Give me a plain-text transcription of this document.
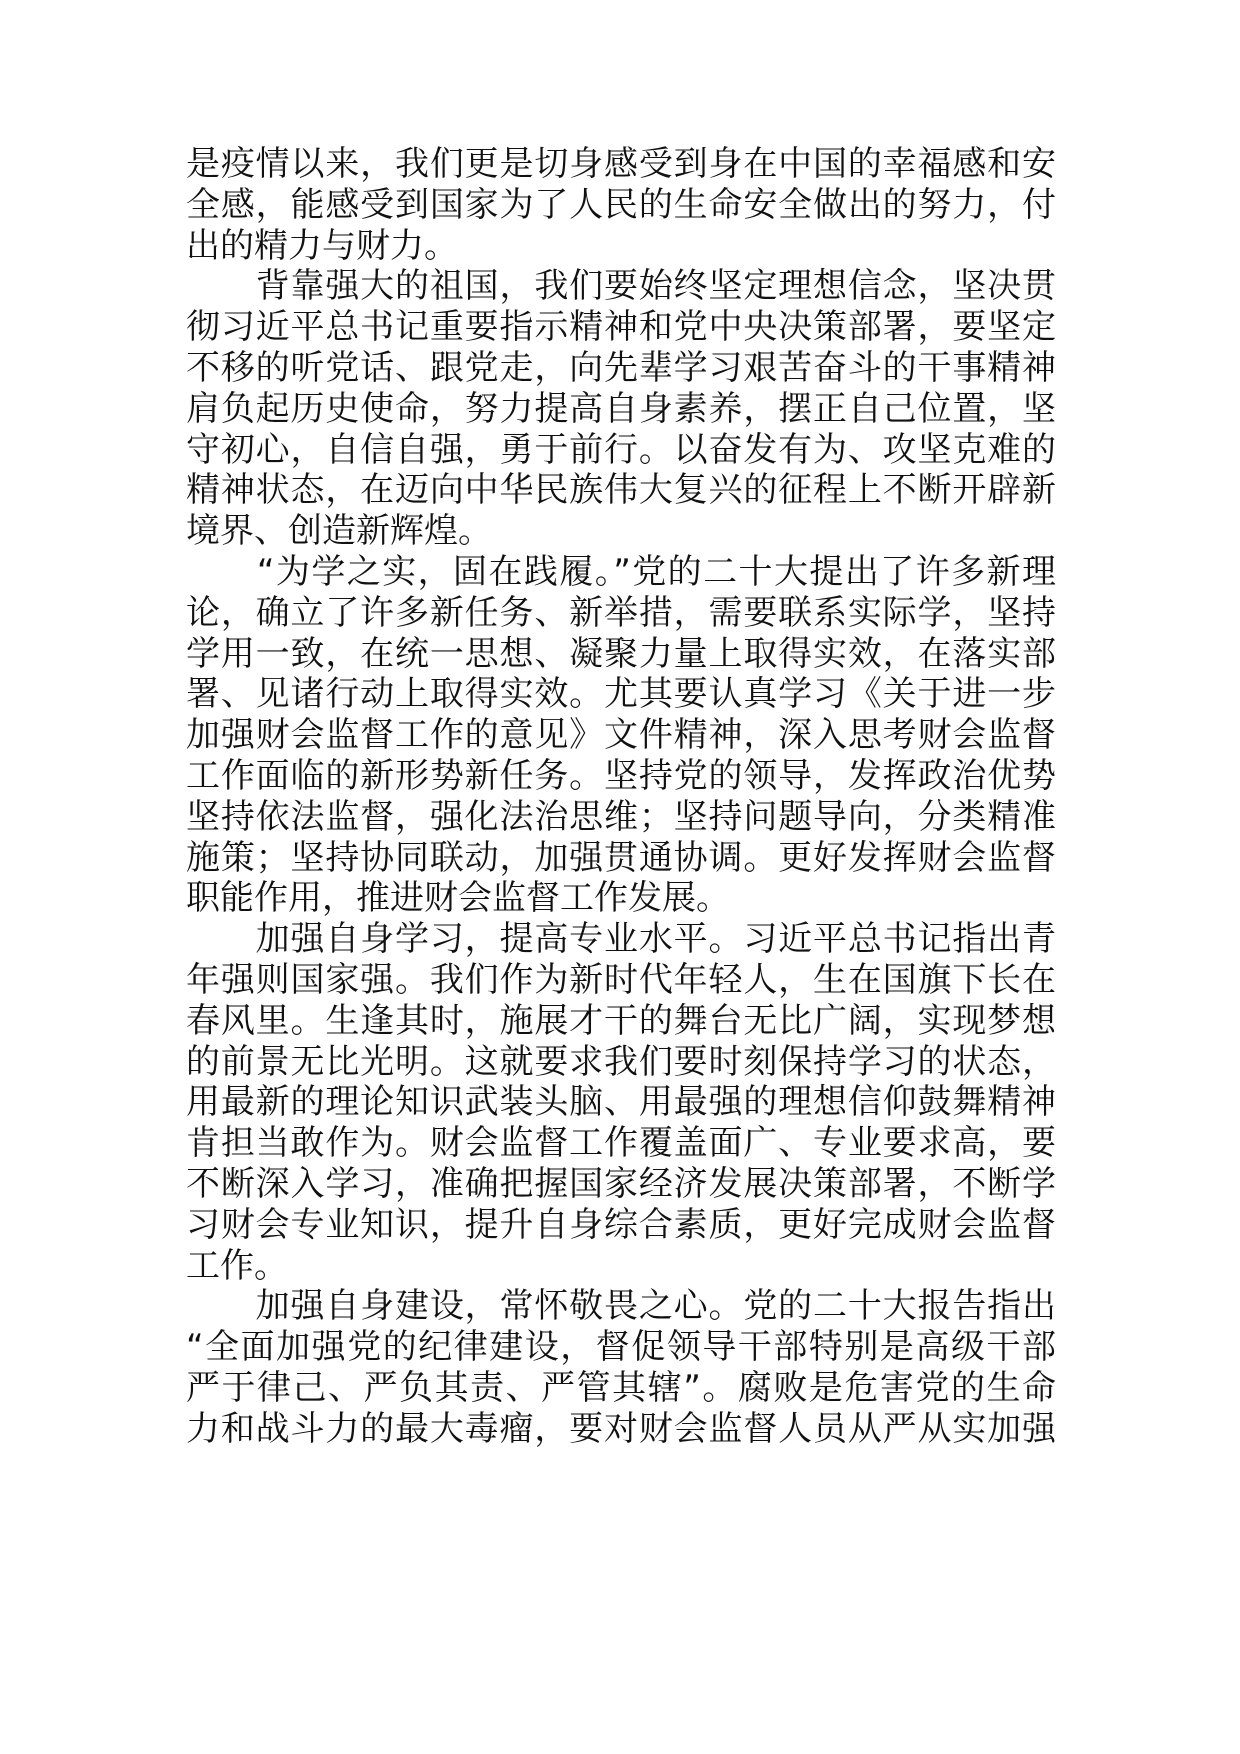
是疫情以来，我们更是切身感受到身在中国的幸福感和安
全感，能感受到国家为了人民的生命安全做出的努力，付
出的精力与财力。
　　背靠强大的祖国，我们要始终坚定理想信念，坚决贯
彻习近平总书记重要指示精神和党中央决策部署，要坚定
不移的听党话、跟党走，向先辈学习艰苦奋斗的干事精神
肩负起历史使命，努力提高自身素养，摆正自己位置，坚
守初心，自信自强，勇于前行。以奋发有为、攻坚克难的
精神状态，在迈向中华民族伟大复兴的征程上不断开辟新
境界、创造新辉煌。
　　“为学之实，固在践履。”党的二十大提出了许多新理
论，确立了许多新任务、新举措，需要联系实际学，坚持
学用一致，在统一思想、凝聚力量上取得实效，在落实部
署、见诸行动上取得实效。尤其要认真学习《关于进一步
加强财会监督工作的意见》文件精神，深入思考财会监督
工作面临的新形势新任务。坚持党的领导，发挥政治优势
坚持依法监督，强化法治思维；坚持问题导向，分类精准
施策；坚持协同联动，加强贯通协调。更好发挥财会监督
职能作用，推进财会监督工作发展。
　　加强自身学习，提高专业水平。习近平总书记指出青
年强则国家强。我们作为新时代年轻人，生在国旗下长在
春风里。生逢其时，施展才干的舞台无比广阔，实现梦想
的前景无比光明。这就要求我们要时刻保持学习的状态，
用最新的理论知识武装头脑、用最强的理想信仰鼓舞精神
肯担当敢作为。财会监督工作覆盖面广、专业要求高，要
不断深入学习，准确把握国家经济发展决策部署，不断学
习财会专业知识，提升自身综合素质，更好完成财会监督
工作。
　　加强自身建设，常怀敬畏之心。党的二十大报告指出
“全面加强党的纪律建设，督促领导干部特别是高级干部
严于律己、严负其责、严管其辖”。腐败是危害党的生命
力和战斗力的最大毒瘤，要对财会监督人员从严从实加强
